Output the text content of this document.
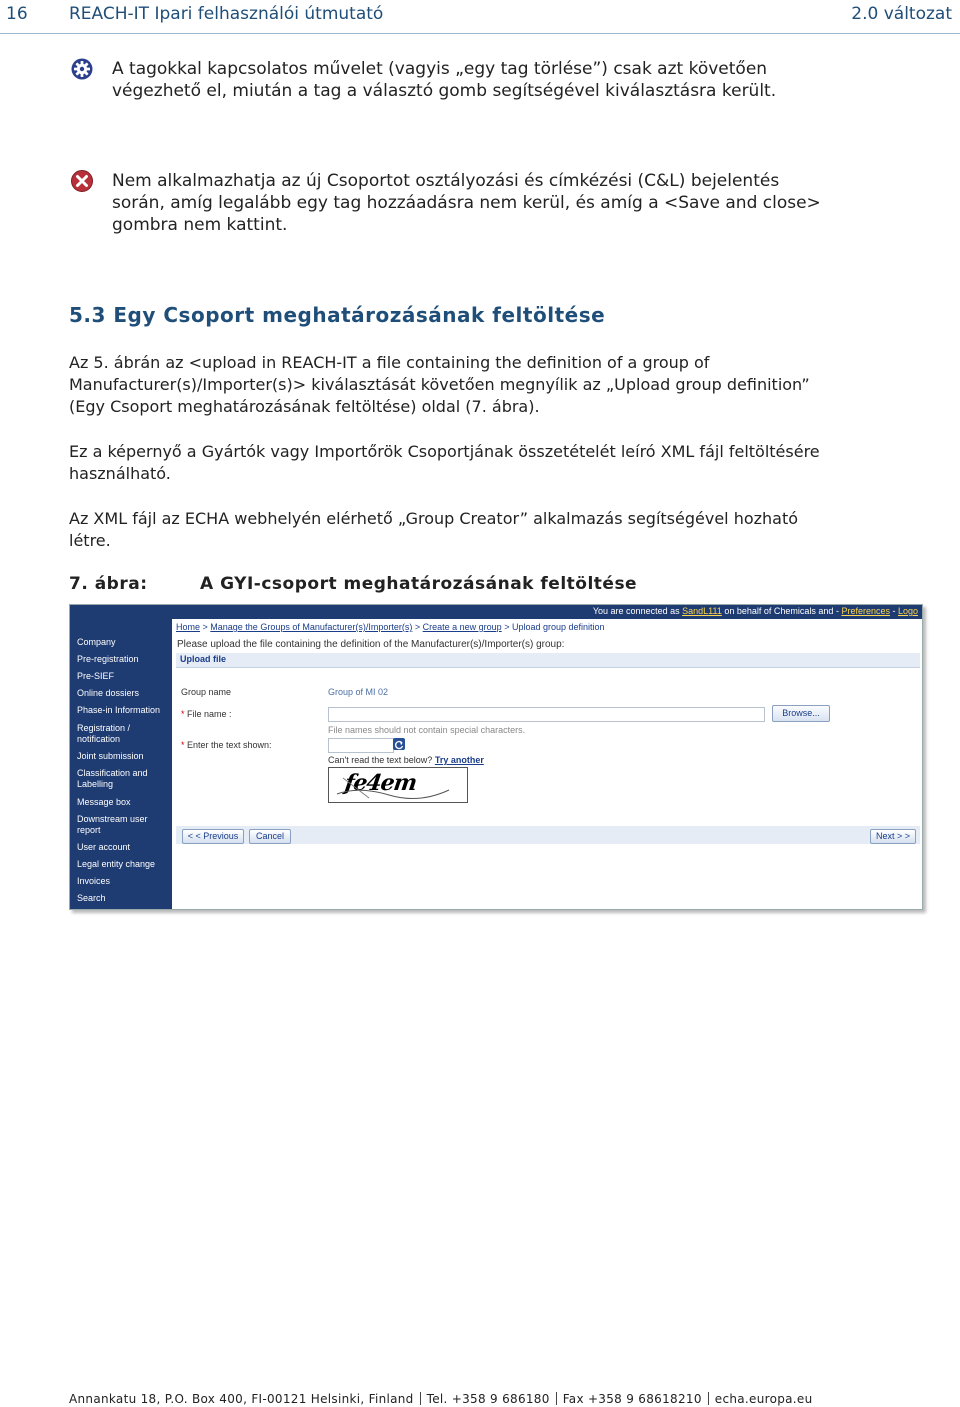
16 REACH-IT Ipari felhasználói útmutató	2.0 változat
A tagokkal kapcsolatos művelet (vagyis „egy tag törlése”) csak azt követően
végezhető el, miután a tag a választó gomb segítségével kiválasztásra került.
Nem alkalmazhatja az új Csoportot osztályozási és címkézési (C&L) bejelentés
során, amíg legalább egy tag hozzáadásra nem kerül, és amíg a <Save and close>
gombra nem kattint.
5.3 Egy Csoport meghatározásának feltöltése
Az 5. ábrán az <upload in REACH-IT a file containing the definition of a group of
Manufacturer(s)/Importer(s)> kiválasztását követően megnyílik az „Upload group definition”
(Egy Csoport meghatározásának feltöltése) oldal (7. ábra).
Ez a képernyő a Gyártók vagy Importőrök Csoportjának összetételét leíró XML fájl feltöltésére
használható.
Az XML fájl az ECHA webhelyén elérhető „Group Creator” alkalmazás segítségével hozható
létre.
7. ábra:	A GYI-csoport meghatározásának feltöltése
You are connected as SandL111 on behalf of Chemicals and - Preferences - Logo
Company
Pre-registration
Pre-SIEF
Online dossiers
Phase-in Information
Registration /
notification
Joint submission
Classification and
Labelling
Message box
Downstream user
report
User account
Legal entity change
Invoices
Search
Home > Manage the Groups of Manufacturer(s)/Importer(s) > Create a new group > Upload group definition
Please upload the file containing the definition of the Manufacturer(s)/Importer(s) group:
Upload file
Group name	Group of MI 02
* File name :	Browse...
File names should not contain special characters.
* Enter the text shown:
Can't read the text below? Try another
fe4em
< < Previous	Cancel	Next > >
Annankatu 18, P.O. Box 400, FI-00121 Helsinki, Finland Tel. +358 9 686180 Fax +358 9 68618210 echa.europa.eu
